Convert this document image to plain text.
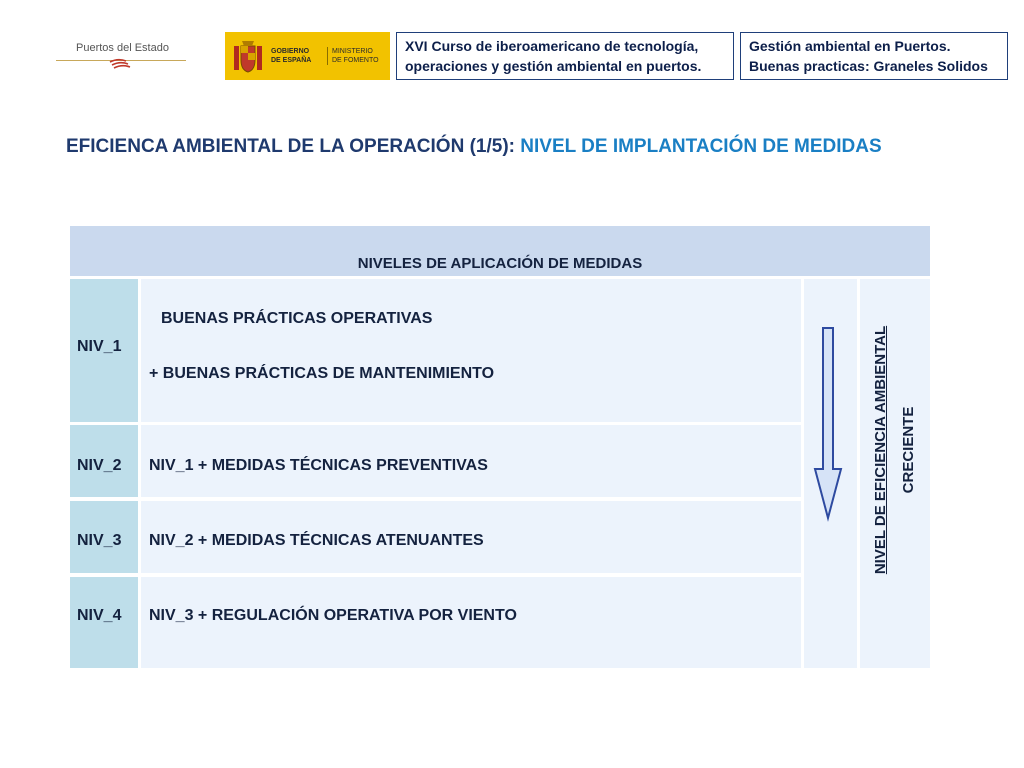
Puertos del Estado	GOBIERNO
DE ESPAÑA
MINISTERIO
DE FOMENTO
XVI Curso de iberoamericano de tecnología,
operaciones y gestión ambiental en puertos.
Gestión ambiental en Puertos.
Buenas practicas: Graneles Solidos
EFICIENCA AMBIENTAL DE LA OPERACIÓN (1/5): NIVEL DE IMPLANTACIÓN DE MEDIDAS
NIVELES DE APLICACIÓN DE MEDIDAS
NIV_1
BUENAS PRÁCTICAS OPERATIVAS
+ BUENAS PRÁCTICAS DE MANTENIMIENTO
NIV_2 NIV_1 + MEDIDAS TÉCNICAS PREVENTIVAS
NIV_3 NIV_2 + MEDIDAS TÉCNICAS ATENUANTES
NIV_4 NIV_3 + REGULACIÓN OPERATIVA POR VIENTO
NIVEL DE EFICIENCIA AMBIENTAL CRECIENTE
